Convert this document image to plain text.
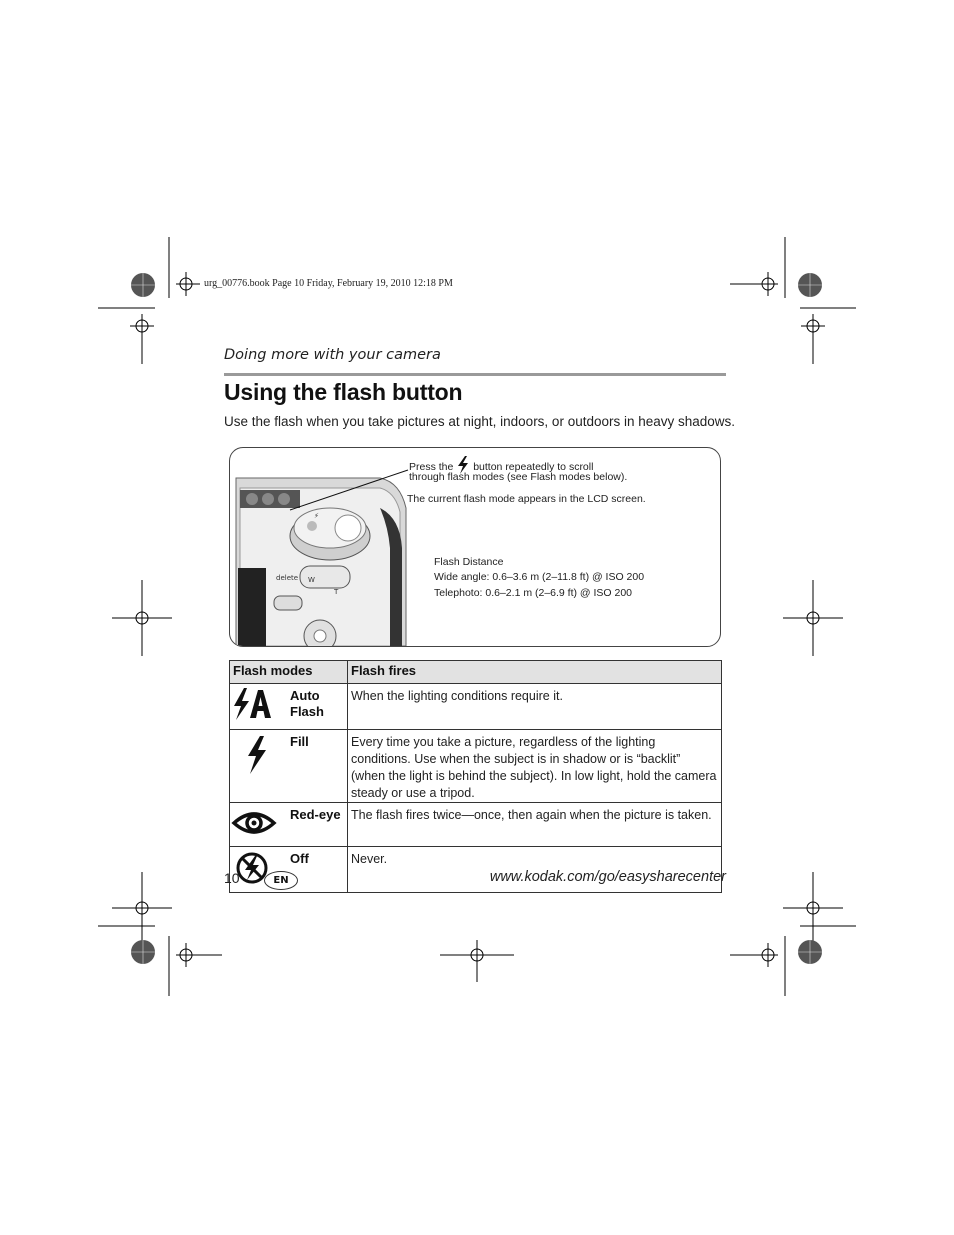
urg_00776.book Page 10 Friday, February 19, 2010 12:18 PM
Doing more with your camera
Using the flash button
Use the flash when you take pictures at night, indoors, or outdoors in heavy shadows.
⚡
delete W
T
Press the button repeatedly to scroll
through flash modes (see Flash modes below).
The current flash mode appears in the LCD screen.
Flash Distance
Wide angle: 0.6–3.6 m (2–11.8 ft) @ ISO 200
Telephoto: 0.6–2.1 m (2–6.9 ft) @ ISO 200
Flash modes		Flash fires

Auto
Flash	When the lighting conditions require it.

Fill	Every time you take a picture, regardless of the lighting conditions. Use when the subject is in shadow or is “backlit” (when the light is behind the subject). In low light, hold the camera steady or use a tripod.

Red-eye	The flash fires twice—once, then again when the picture is taken.

Off	Never.
10	EN	www.kodak.com/go/easysharecenter
